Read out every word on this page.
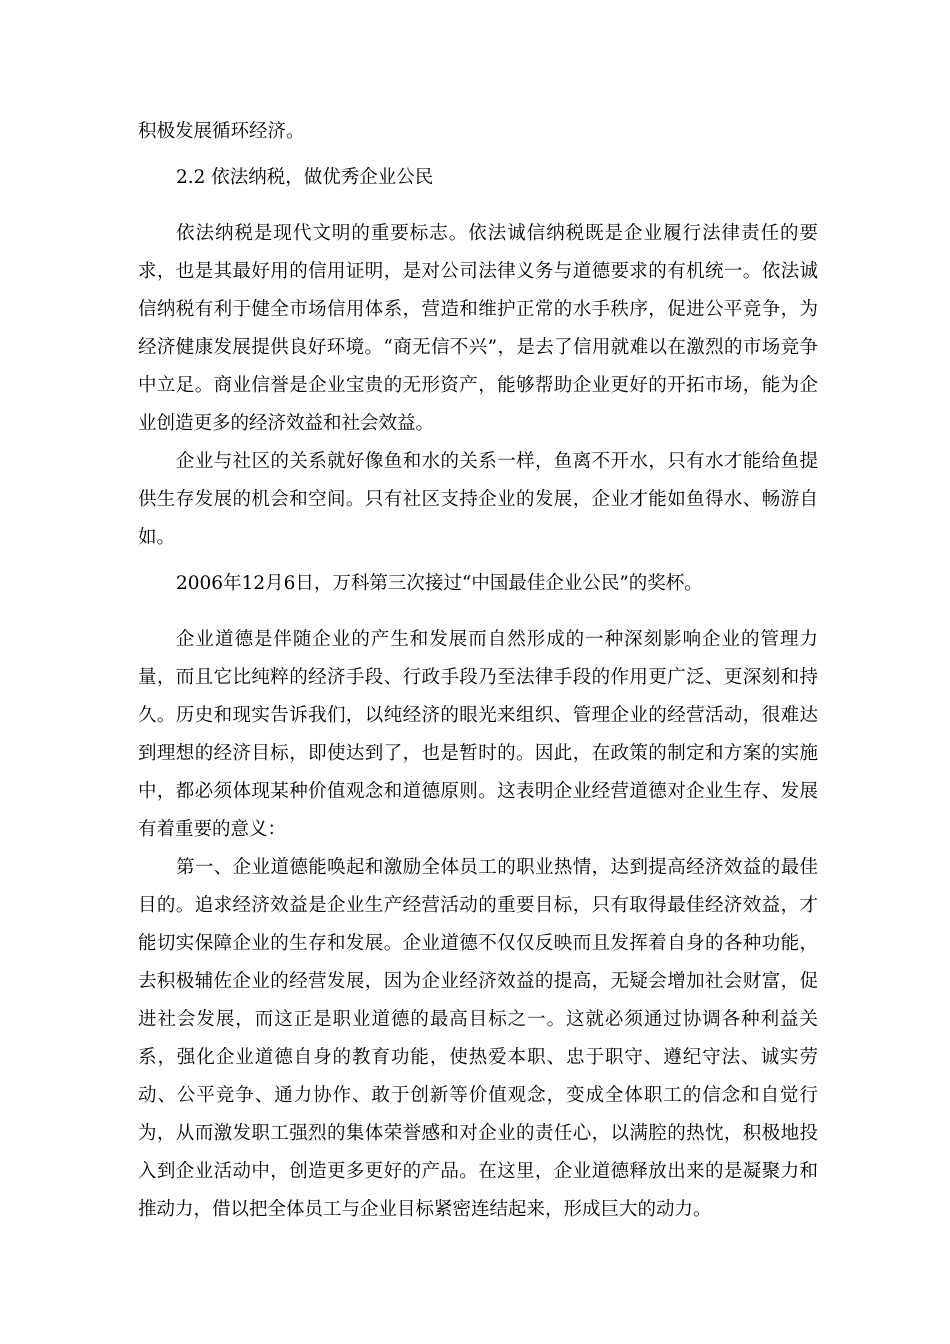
积极发展循环经济。

2.2 依法纳税，做优秀企业公民

依法纳税是现代文明的重要标志。依法诚信纳税既是企业履行法律责任的要求，也是其最好用的信用证明，是对公司法律义务与道德要求的有机统一。依法诚信纳税有利于健全市场信用体系，营造和维护正常的水手秩序，促进公平竞争，为经济健康发展提供良好环境。“商无信不兴”，是去了信用就难以在激烈的市场竞争中立足。商业信誉是企业宝贵的无形资产，能够帮助企业更好的开拓市场，能为企业创造更多的经济效益和社会效益。

企业与社区的关系就好像鱼和水的关系一样，鱼离不开水，只有水才能给鱼提供生存发展的机会和空间。只有社区支持企业的发展，企业才能如鱼得水、畅游自如。

2006年12月6日，万科第三次接过“中国最佳企业公民”的奖杯。

企业道德是伴随企业的产生和发展而自然形成的一种深刻影响企业的管理力量，而且它比纯粹的经济手段、行政手段乃至法律手段的作用更广泛、更深刻和持久。历史和现实告诉我们，以纯经济的眼光来组织、管理企业的经营活动，很难达到理想的经济目标，即使达到了，也是暂时的。因此，在政策的制定和方案的实施中，都必须体现某种价值观念和道德原则。这表明企业经营道德对企业生存、发展有着重要的意义：

第一、企业道德能唤起和激励全体员工的职业热情，达到提高经济效益的最佳目的。追求经济效益是企业生产经营活动的重要目标，只有取得最佳经济效益，才能切实保障企业的生存和发展。企业道德不仅仅反映而且发挥着自身的各种功能，去积极辅佐企业的经营发展，因为企业经济效益的提高，无疑会增加社会财富，促进社会发展，而这正是职业道德的最高目标之一。这就必须通过协调各种利益关系，强化企业道德自身的教育功能，使热爱本职、忠于职守、遵纪守法、诚实劳动、公平竞争、通力协作、敢于创新等价值观念，变成全体职工的信念和自觉行为，从而激发职工强烈的集体荣誉感和对企业的责任心，以满腔的热忱，积极地投入到企业活动中，创造更多更好的产品。在这里，企业道德释放出来的是凝聚力和推动力，借以把全体员工与企业目标紧密连结起来，形成巨大的动力。
